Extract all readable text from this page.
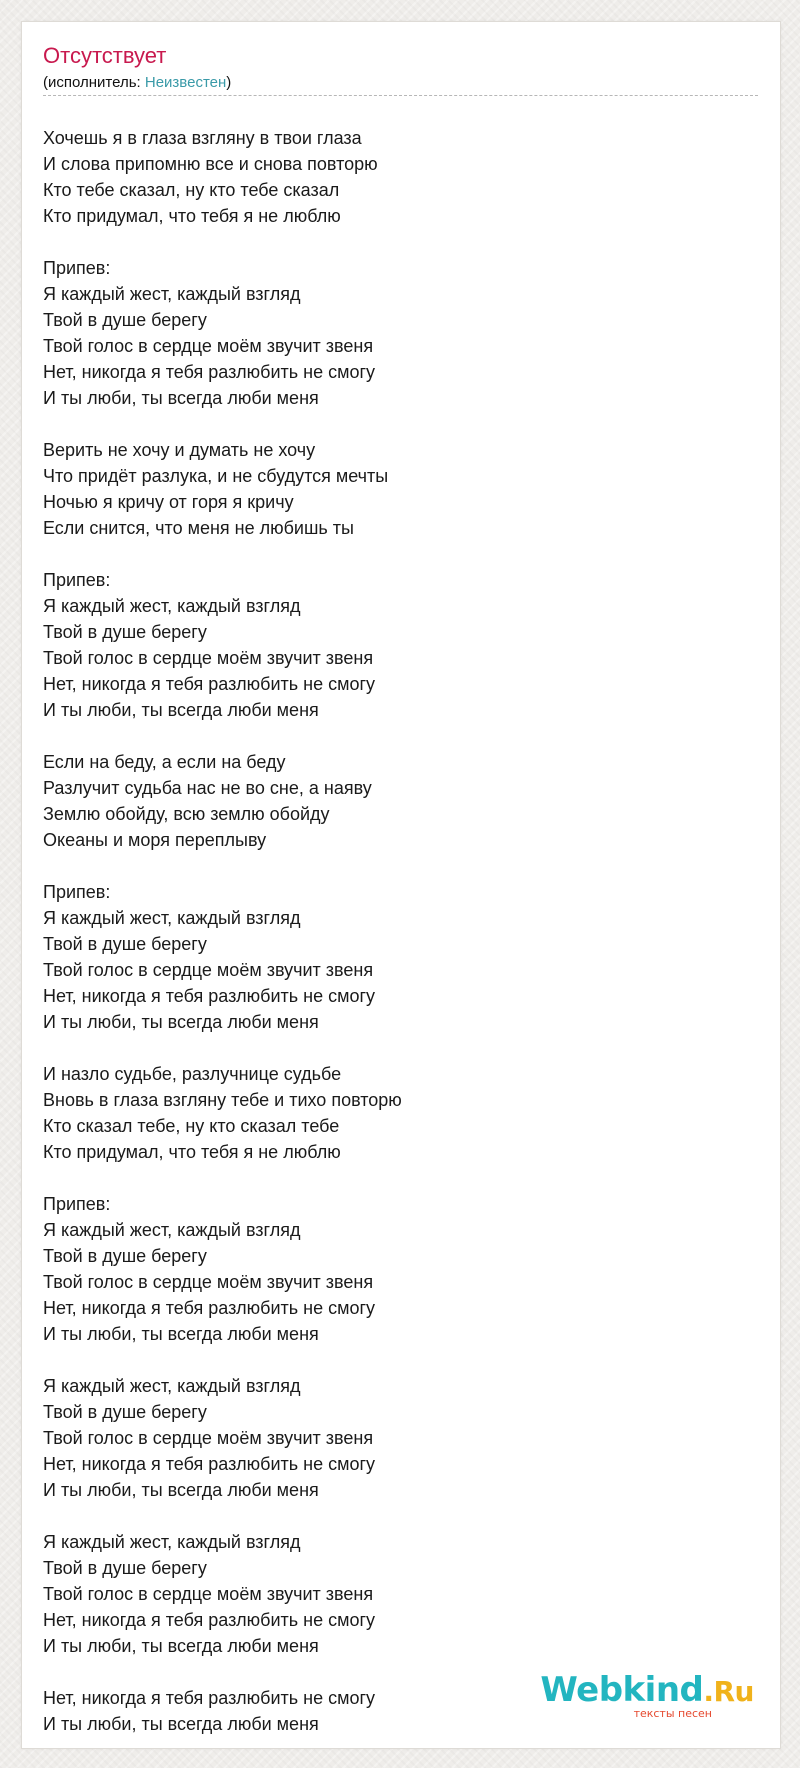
Отсутствует
(исполнитель: Неизвестен)
Хочешь я в глаза взгляну в твои глаза
И слова припомню все и снова повторю
Кто тебе сказал, ну кто тебе сказал
Кто придумал, что тебя я не люблю
Припев:
Я каждый жест, каждый взгляд
Твой в душе берегу
Твой голос в сердце моём звучит звеня
Нет, никогда я тебя разлюбить не смогу
И ты люби, ты всегда люби меня
Верить не хочу и думать не хочу
Что придёт разлука, и не сбудутся мечты
Ночью я кричу от горя я кричу
Если снится, что меня не любишь ты
Припев:
Я каждый жест, каждый взгляд
Твой в душе берегу
Твой голос в сердце моём звучит звеня
Нет, никогда я тебя разлюбить не смогу
И ты люби, ты всегда люби меня
Если на беду, а если на беду
Разлучит судьба нас не во сне, а наяву
Землю обойду, всю землю обойду
Океаны и моря переплыву
Припев:
Я каждый жест, каждый взгляд
Твой в душе берегу
Твой голос в сердце моём звучит звеня
Нет, никогда я тебя разлюбить не смогу
И ты люби, ты всегда люби меня
И назло судьбе, разлучнице судьбе
Вновь в глаза взгляну тебе и тихо повторю
Кто сказал тебе, ну кто сказал тебе
Кто придумал, что тебя я не люблю
Припев:
Я каждый жест, каждый взгляд
Твой в душе берегу
Твой голос в сердце моём звучит звеня
Нет, никогда я тебя разлюбить не смогу
И ты люби, ты всегда люби меня
Я каждый жест, каждый взгляд
Твой в душе берегу
Твой голос в сердце моём звучит звеня
Нет, никогда я тебя разлюбить не смогу
И ты люби, ты всегда люби меня
Я каждый жест, каждый взгляд
Твой в душе берегу
Твой голос в сердце моём звучит звеня
Нет, никогда я тебя разлюбить не смогу
И ты люби, ты всегда люби меня
Нет, никогда я тебя разлюбить не смогу
И ты люби, ты всегда люби меня
Webkind.Ru
тексты песен
